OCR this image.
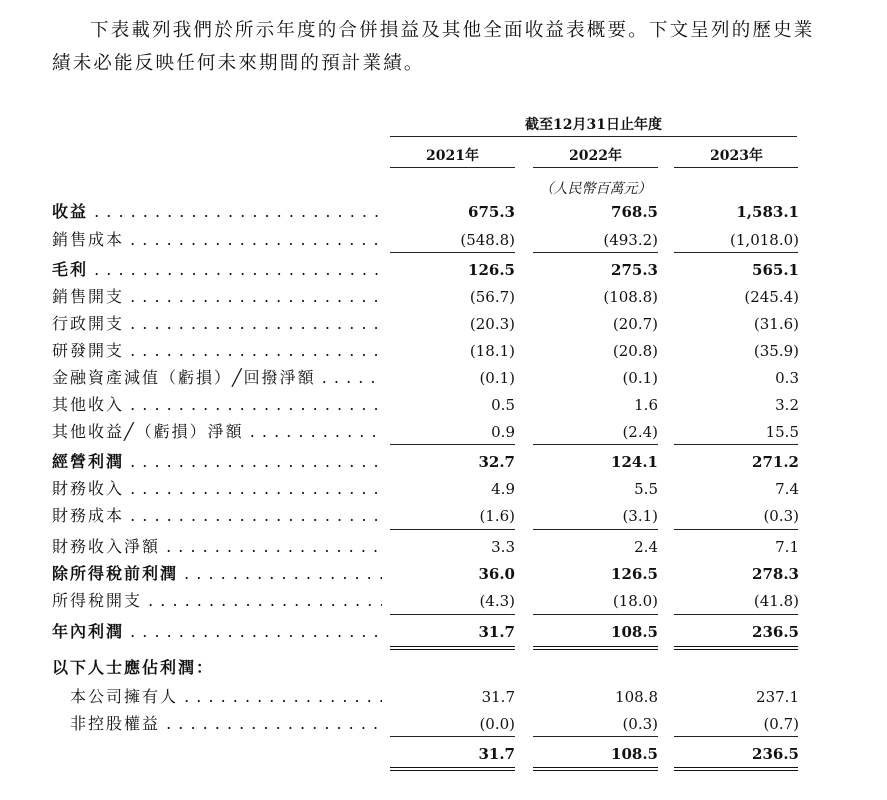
下表載列我們於所示年度的合併損益及其他全面收益表概要。下文呈列的歷史業
績未必能反映任何未來期間的預計業績。
截至12月31日止年度
2021年	2022年	2023年
（人民幣百萬元）
收益 . . .	675.3	768.5	1,583.1
銷售成本 . . .	(548.8)	(493.2)	(1,018.0)
毛利 . . .	126.5	275.3	565.1
銷售開支 . . .	(56.7)	(108.8)	(245.4)
行政開支 . . .	(20.3)	(20.7)	(31.6)
研發開支 . . .	(18.1)	(20.8)	(35.9)
金融資產減值（虧損）╱回撥淨額 . . .	(0.1)	(0.1)	0.3
其他收入 . . .	0.5	1.6	3.2
其他收益╱（虧損）淨額 . . .	0.9	(2.4)	15.5
經營利潤 . . .	32.7	124.1	271.2
財務收入 . . .	4.9	5.5	7.4
財務成本 . . .	(1.6)	(3.1)	(0.3)
財務收入淨額 . . .	3.3	2.4	7.1
除所得稅前利潤 . . .	36.0	126.5	278.3
所得稅開支 . . .	(4.3)	(18.0)	(41.8)
年內利潤 . . .	31.7	108.5	236.5
以下人士應佔利潤：
本公司擁有人 . . .	31.7	108.8	237.1
非控股權益 . . .	(0.0)	(0.3)	(0.7)
31.7	108.5	236.5
